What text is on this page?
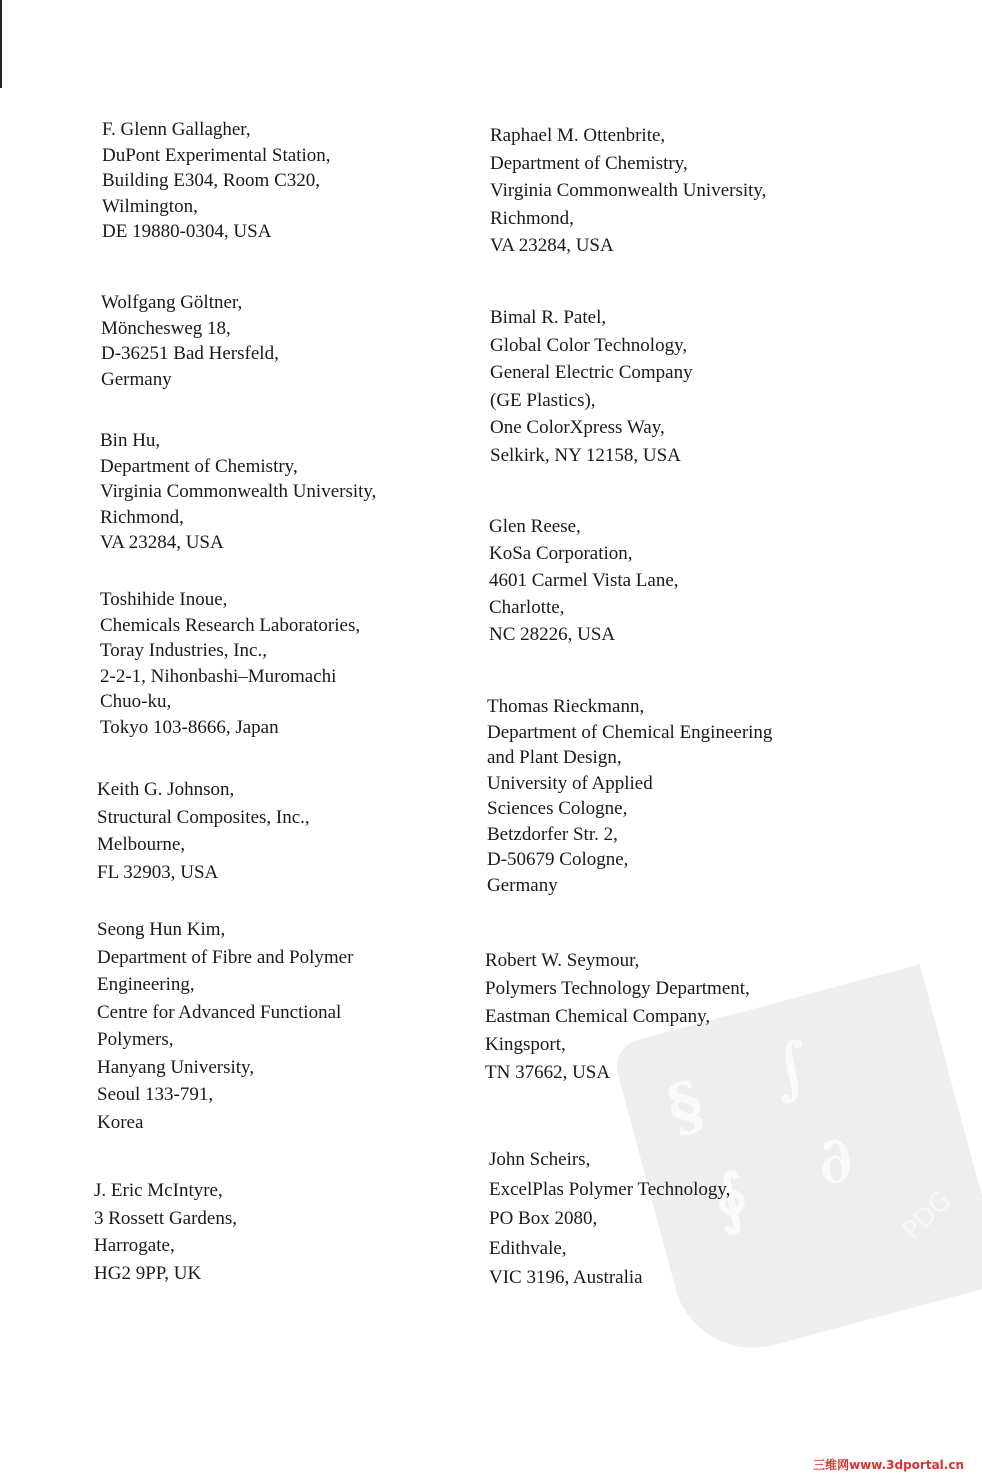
F. Glenn Gallagher,
DuPont Experimental Station,
Building E304, Room C320,
Wilmington,
DE 19880-0304, USA
Wolfgang Göltner,
Mönchesweg 18,
D-36251 Bad Hersfeld,
Germany
Bin Hu,
Department of Chemistry,
Virginia Commonwealth University,
Richmond,
VA 23284, USA
Toshihide Inoue,
Chemicals Research Laboratories,
Toray Industries, Inc.,
2-2-1, Nihonbashi–Muromachi
Chuo-ku,
Tokyo 103-8666, Japan
Keith G. Johnson,
Structural Composites, Inc.,
Melbourne,
FL 32903, USA
Seong Hun Kim,
Department of Fibre and Polymer
Engineering,
Centre for Advanced Functional
Polymers,
Hanyang University,
Seoul 133-791,
Korea
J. Eric McIntyre,
3 Rossett Gardens,
Harrogate,
HG2 9PP, UK
§ ∫
∮ ∂
PDG
Raphael M. Ottenbrite,
Department of Chemistry,
Virginia Commonwealth University,
Richmond,
VA 23284, USA
Bimal R. Patel,
Global Color Technology,
General Electric Company
(GE Plastics),
One ColorXpress Way,
Selkirk, NY 12158, USA
Glen Reese,
KoSa Corporation,
4601 Carmel Vista Lane,
Charlotte,
NC 28226, USA
Thomas Rieckmann,
Department of Chemical Engineering
and Plant Design,
University of Applied
Sciences Cologne,
Betzdorfer Str. 2,
D-50679 Cologne,
Germany
Robert W. Seymour,
Polymers Technology Department,
Eastman Chemical Company,
Kingsport,
TN 37662, USA
John Scheirs,
ExcelPlas Polymer Technology,
PO Box 2080,
Edithvale,
VIC 3196, Australia
三维网www.3dportal.cn
